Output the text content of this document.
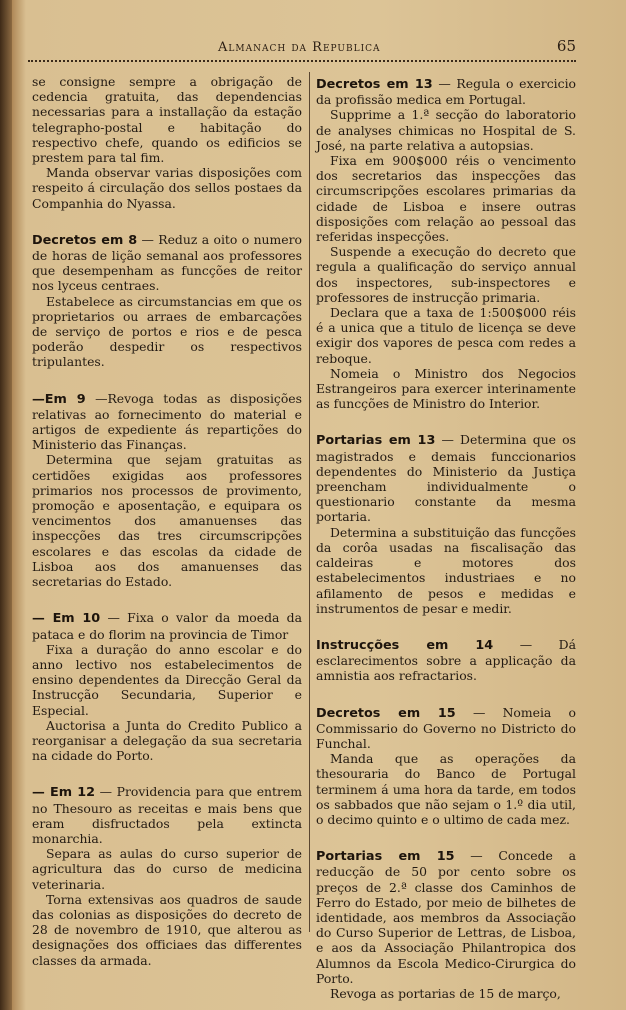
Almanach da Republica	65

se consigne sempre a obrigação de cedencia gratuita, das dependencias necessarias para a installação da estação telegrapho-postal e habitação do respectivo chefe, quando os edificios se prestem para tal fim.

Manda observar varias disposições com respeito á circulação dos sellos postaes da Companhia do Nyassa.

Decretos em 8 — Reduz a oito o numero de horas de lição semanal aos professores que desempenham as funcções de reitor nos lyceus centraes.

Estabelece as circumstancias em que os proprietarios ou arraes de embarcações de serviço de portos e rios e de pesca poderão despedir os respectivos tripulantes.

—Em 9 —Revoga todas as disposições relativas ao fornecimento do material e artigos de expediente ás repartições do Ministerio das Finanças.

Determina que sejam gratuitas as certidões exigidas aos professores primarios nos processos de provimento, promoção e aposentação, e equipara os vencimentos dos amanuenses das inspecções das tres circumscripções escolares e das escolas da cidade de Lisboa aos dos amanuenses das secretarias do Estado.

— Em 10 — Fixa o valor da moeda da pataca e do florim na provincia de Timor

Fixa a duração do anno escolar e do anno lectivo nos estabelecimentos de ensino dependentes da Direcção Geral da Instrucção Secundaria, Superior e Especial.

Auctorisa a Junta do Credito Publico a reorganisar a delegação da sua secretaria na cidade do Porto.

— Em 12 — Providencia para que entrem no Thesouro as receitas e mais bens que eram disfructados pela extincta monarchia.

Separa as aulas do curso superior de agricultura das do curso de medicina veterinaria.

Torna extensivas aos quadros de saude das colonias as disposições do decreto de 28 de novembro de 1910, que alterou as designações dos officiaes das differentes classes da armada.

Decretos em 13 — Regula o exercicio da profissão medica em Portugal.

Supprime a 1.ª secção do laboratorio de analyses chimicas no Hospital de S. José, na parte relativa a autopsias.

Fixa em 900$000 réis o vencimento dos secretarios das inspecções das circumscripções escolares primarias da cidade de Lisboa e insere outras disposições com relação ao pessoal das referidas inspecções.

Suspende a execução do decreto que regula a qualificação do serviço annual dos inspectores, sub-inspectores e professores de instrucção primaria.

Declara que a taxa de 1:500$000 réis é a unica que a titulo de licença se deve exigir dos vapores de pesca com redes a reboque.

Nomeia o Ministro dos Negocios Estrangeiros para exercer interinamente as funcções de Ministro do Interior.

Portarias em 13 — Determina que os magistrados e demais funccionarios dependentes do Ministerio da Justiça preencham individualmente o questionario constante da mesma portaria.

Determina a substituição das funcções da corôa usadas na fiscalisação das caldeiras e motores dos estabelecimentos industriaes e no afilamento de pesos e medidas e instrumentos de pesar e medir.

Instrucções em 14 — Dá esclarecimentos sobre a applicação da amnistia aos refractarios.

Decretos em 15 — Nomeia o Commissario do Governo no Districto do Funchal.

Manda que as operações da thesouraria do Banco de Portugal terminem á uma hora da tarde, em todos os sabbados que não sejam o 1.º dia util, o decimo quinto e o ultimo de cada mez.

Portarias em 15 — Concede a reducção de 50 por cento sobre os preços de 2.ª classe dos Caminhos de Ferro do Estado, por meio de bilhetes de identidade, aos membros da Associação do Curso Superior de Lettras, de Lisboa, e aos da Associação Philantropica dos Alumnos da Escola Medico-Cirurgica do Porto.

Revoga as portarias de 15 de março,
